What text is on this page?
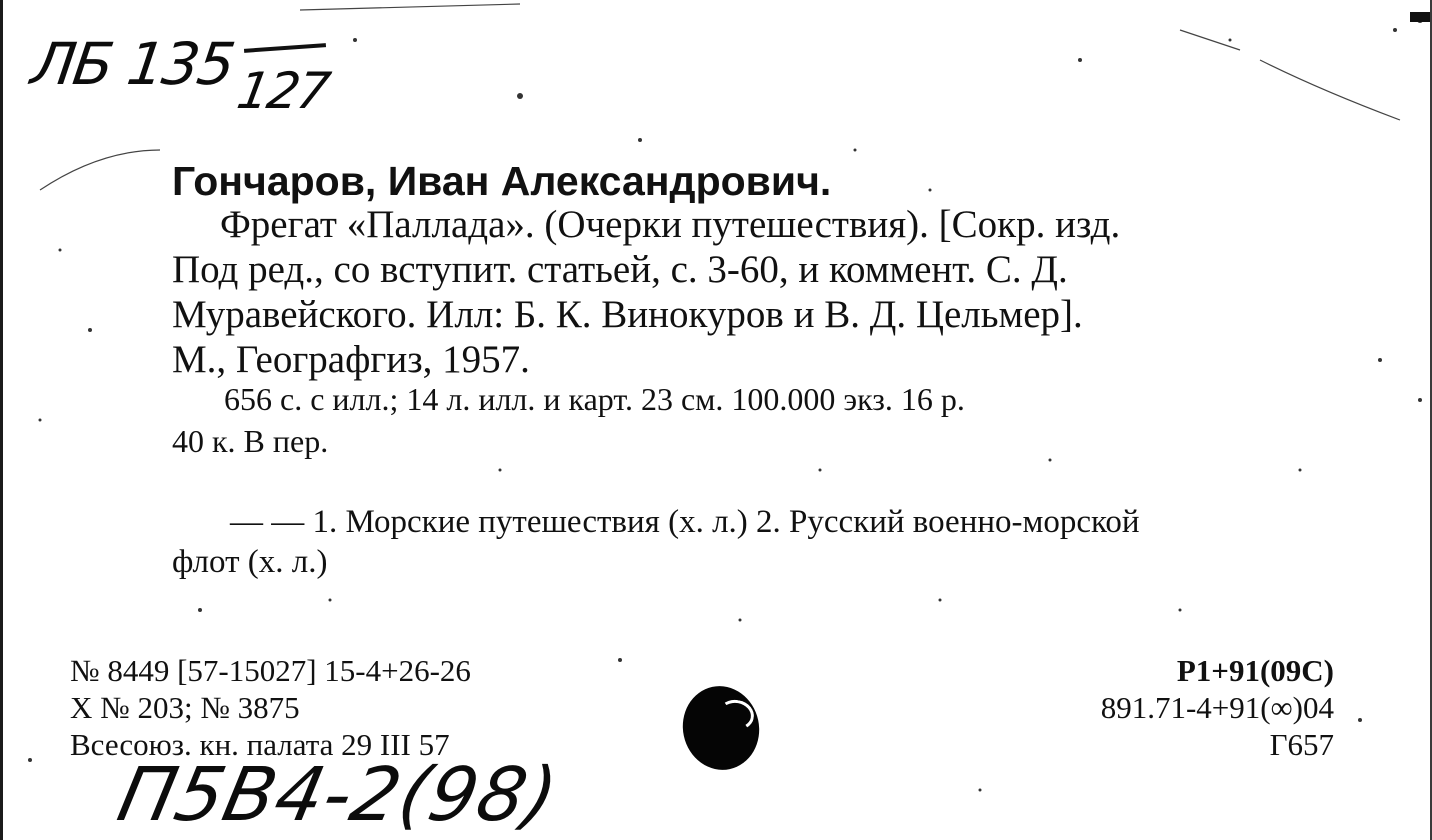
ЛБ 135
127
Гончаров, Иван Александрович.
Фрегат «Паллада». (Очерки путешествия). [Сокр. изд.
Под ред., со вступит. статьей, с. 3-60, и коммент. С. Д.
Муравейского. Илл: Б. К. Винокуров и В. Д. Цельмер].
М., Географгиз, 1957.
656 с. с илл.; 14 л. илл. и карт. 23 см. 100.000 экз. 16 р.
40 к. В пер.
— — 1. Морские путешествия (х. л.) 2. Русский военно-морской
флот (х. л.)
№ 8449 [57-15027] 15-4+26-26
Х № 203; № 3875
Всесоюз. кн. палата 29 III 57
Р1+91(09С)
891.71-4+91(∞)04
Г657
П5В4-2(98)
